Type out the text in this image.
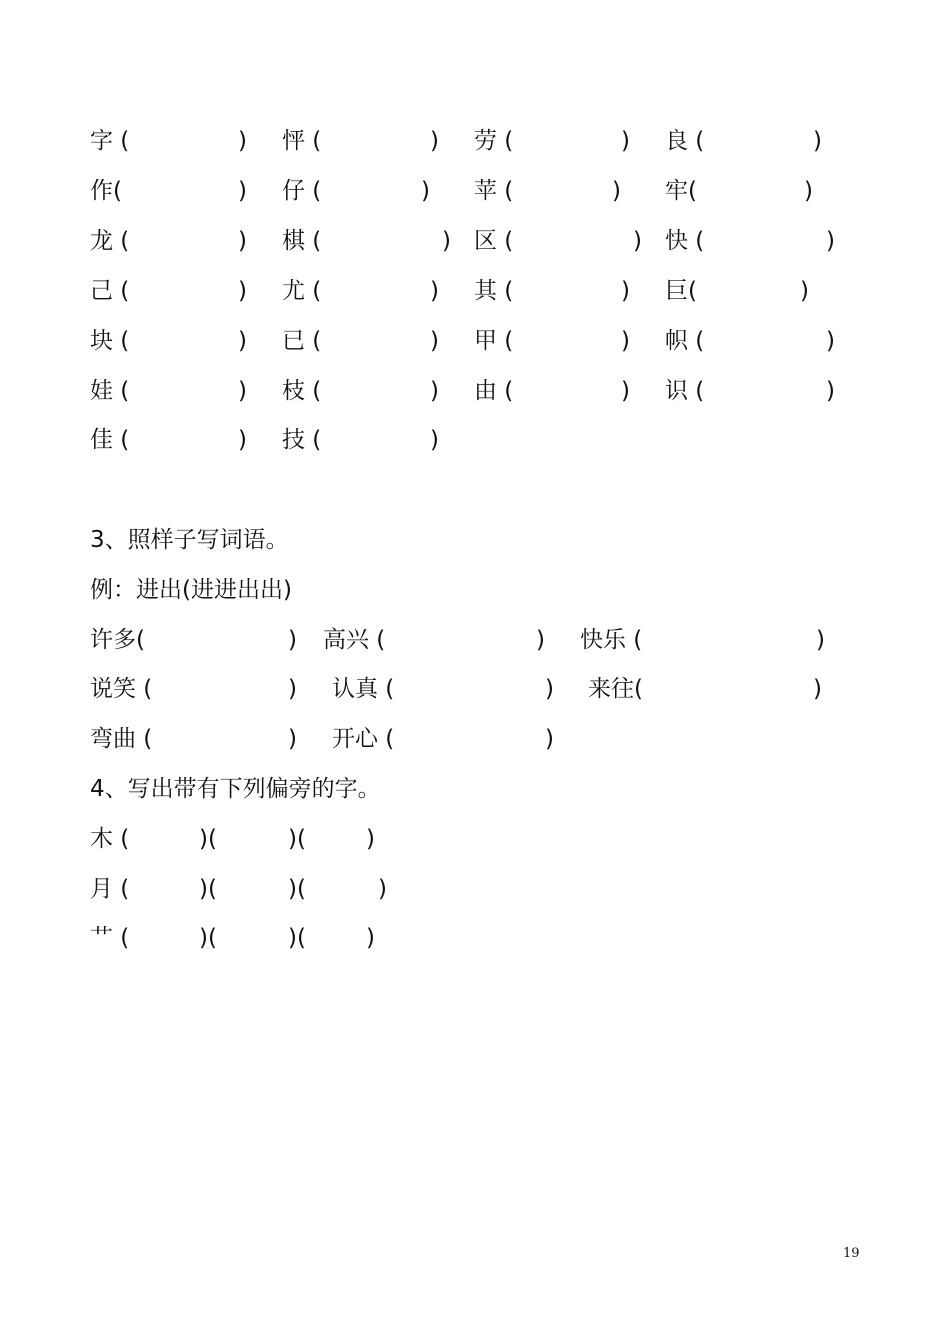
字 (	) 怦 (	) 劳 (	) 良 (	)
作(	) 仔 (	) 苹 (	) 牢(	)
龙 (	) 棋 (	) 区 (	) 快 (	)
己 (	) 尤 (	) 其 (	) 巨(	)
块 (	) 已 (	) 甲 (	) 帜 (	)
娃 (	) 枝 (	) 由 (	) 识 (	)
佳 (	) 技 (	)
3、照样子写词语。
例：进出(进进出出)
许多(	) 高兴 (	) 快乐 (	)
说笑 (	) 认真 (	) 来往(	)
弯曲 (	) 开心 (	)
4、写出带有下列偏旁的字。
木 (	)(	)(	)
月 (	)(	)(	)
艹 (	)(	)(	)
19
